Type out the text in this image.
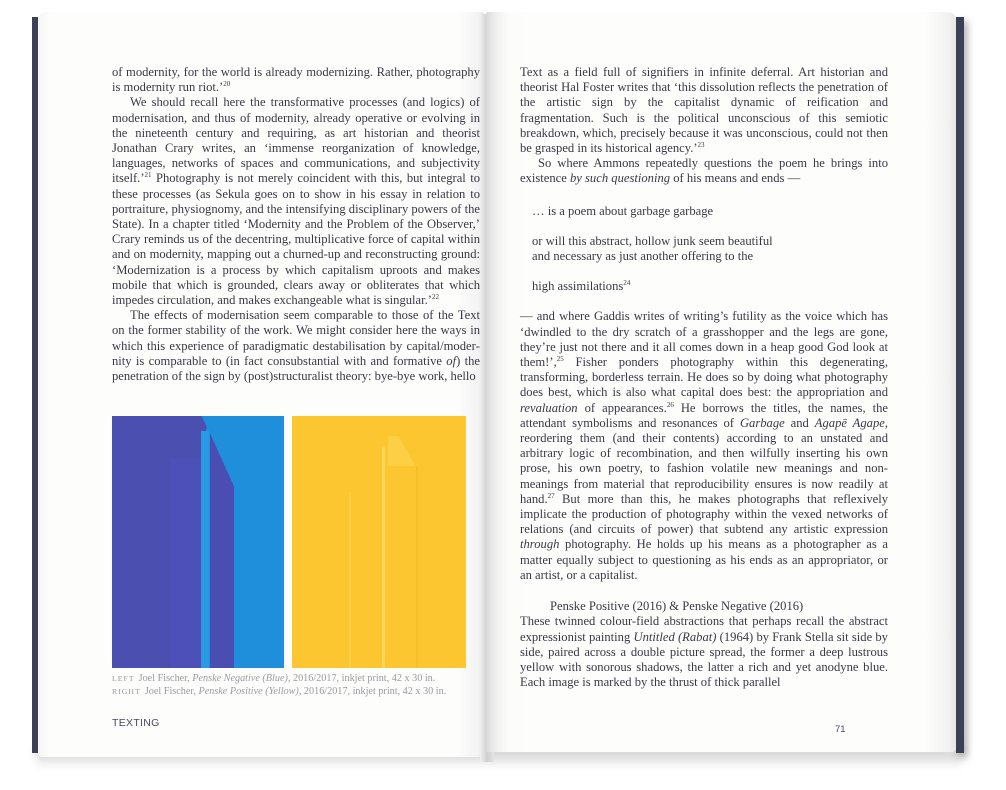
of modernity, for the world is already modernizing. Rather, photography is modernity run riot.’$^{20}$

We should recall here the transformative processes (and logics) of modernisation, and thus of modernity, already operative or evolving in the nineteenth century and requiring, as art historian and theorist Jonathan Crary writes, an ‘immense reorganization of knowledge, languages, networks of spaces and communications, and subjectivity itself.’$^{21}$ Photography is not merely coincident with this, but integral to these processes (as Sekula goes on to show in his essay in relation to portraiture, physiognomy, and the intensifying disciplinary powers of the State). In a chapter titled ‘Modernity and the Problem of the Observer,’ Crary reminds us of the decentring, multiplicative force of capital within and on modernity, mapping out a churned-up and reconstructing ground: ‘Modernization is a process by which capitalism uproots and makes mobile that which is grounded, clears away or obliterates that which impedes circulation, and makes exchangeable what is singular.’$^{22}$

The effects of modernisation seem comparable to those of the Text on the former stability of the work. We might consider here the ways in which this experience of paradigmatic destabilisation by capital/modernity is comparable to (in fact consubstantial with and formative of) the penetration of the sign by (post)structuralist theory: bye-bye work, hello

LEFT Joel Fischer, Penske Negative (Blue), 2016/2017, inkjet print, 42 x 30 in.
RIGHT Joel Fischer, Penske Positive (Yellow), 2016/2017, inkjet print, 42 x 30 in.
TEXTING

Text as a field full of signifiers in infinite deferral. Art historian and theorist Hal Foster writes that ‘this dissolution reflects the penetration of the artistic sign by the capitalist dynamic of reification and fragmentation. Such is the political unconscious of this semiotic breakdown, which, precisely because it was unconscious, could not then be grasped in its historical agency.’$^{23}$

So where Ammons repeatedly questions the poem he brings into existence by such questioning of his means and ends —

… is a poem about garbage garbage
or will this abstract, hollow junk seem beautiful
and necessary as just another offering to the
high assimilations$^{24}$

— and where Gaddis writes of writing’s futility as the voice which has ‘dwindled to the dry scratch of a grasshopper and the legs are gone, they’re just not there and it all comes down in a heap good God look at them!’,$^{25}$ Fisher ponders photography within this degenerating, transforming, borderless terrain. He does so by doing what photography does best, which is also what capital does best: the appropriation and revaluation of appearances.$^{26}$ He borrows the titles, the names, the attendant symbolisms and resonances of Garbage and Agapē Agape, reordering them (and their contents) according to an unstated and arbitrary logic of recombination, and then wilfully inserting his own prose, his own poetry, to fashion volatile new meanings and non-meanings from material that reproducibility ensures is now readily at hand.$^{27}$ But more than this, he makes photographs that reflexively implicate the production of photography within the vexed networks of relations (and circuits of power) that subtend any artistic expression through photography. He holds up his means as a photographer as a matter equally subject to questioning as his ends as an appropriator, or an artist, or a capitalist.

Penske Positive (2016) & Penske Negative (2016)

These twinned colour-field abstractions that perhaps recall the abstract expressionist painting Untitled (Rabat) (1964) by Frank Stella sit side by side, paired across a double picture spread, the former a deep lustrous yellow with sonorous shadows, the latter a rich and yet anodyne blue. Each image is marked by the thrust of thick parallel

71
